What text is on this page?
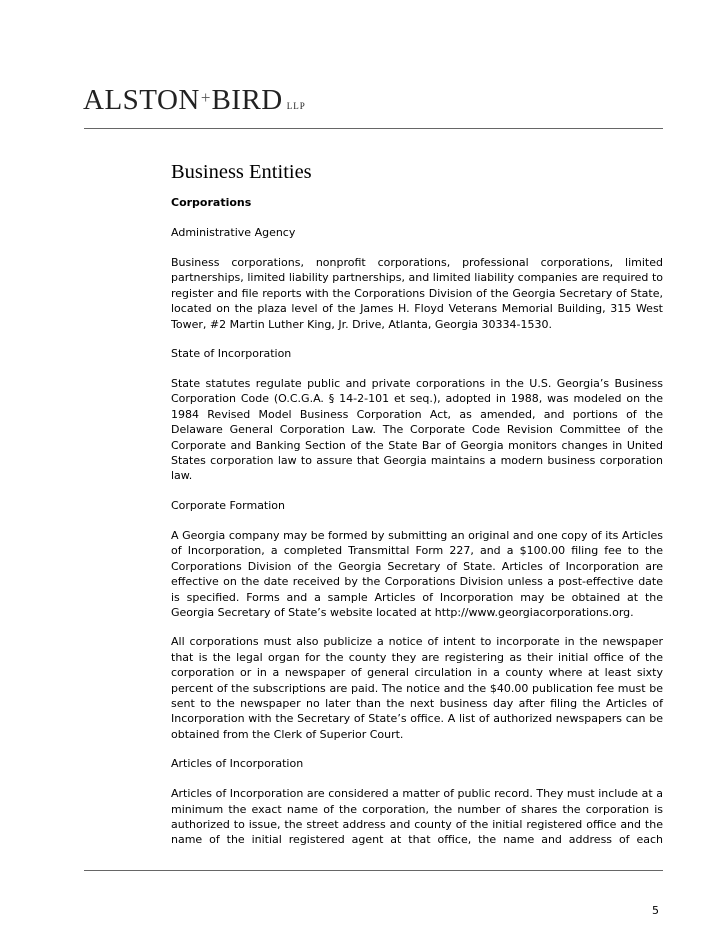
ALSTON+BIRD LLP
Business Entities
Corporations
Administrative Agency

Business corporations, nonprofit corporations, professional corporations, limited partnerships, limited liability partnerships, and limited liability companies are required to register and file reports with the Corporations Division of the Georgia Secretary of State, located on the plaza level of the James H. Floyd Veterans Memorial Building, 315 West Tower, #2 Martin Luther King, Jr. Drive, Atlanta, Georgia 30334-1530.

State of Incorporation

State statutes regulate public and private corporations in the U.S. Georgia’s Business Corporation Code (O.C.G.A. § 14-2-101 et seq.), adopted in 1988, was modeled on the 1984 Revised Model Business Corporation Act, as amended, and portions of the Delaware General Corporation Law. The Corporate Code Revision Committee of the Corporate and Banking Section of the State Bar of Georgia monitors changes in United States corporation law to assure that Georgia maintains a modern business corporation law.

Corporate Formation

A Georgia company may be formed by submitting an original and one copy of its Articles of Incorporation, a completed Transmittal Form 227, and a $100.00 filing fee to the Corporations Division of the Georgia Secretary of State. Articles of Incorporation are effective on the date received by the Corporations Division unless a post-effective date is specified. Forms and a sample Articles of Incorporation may be obtained at the Georgia Secretary of State’s website located at http://www.georgiacorporations.org.

All corporations must also publicize a notice of intent to incorporate in the newspaper that is the legal organ for the county they are registering as their initial office of the corporation or in a newspaper of general circulation in a county where at least sixty percent of the subscriptions are paid. The notice and the $40.00 publication fee must be sent to the newspaper no later than the next business day after filing the Articles of Incorporation with the Secretary of State’s office. A list of authorized newspapers can be obtained from the Clerk of Superior Court.

Articles of Incorporation

Articles of Incorporation are considered a matter of public record. They must include at a minimum the exact name of the corporation, the number of shares the corporation is authorized to issue, the street address and county of the initial registered office and the name of the initial registered agent at that office, the name and address of each

5
